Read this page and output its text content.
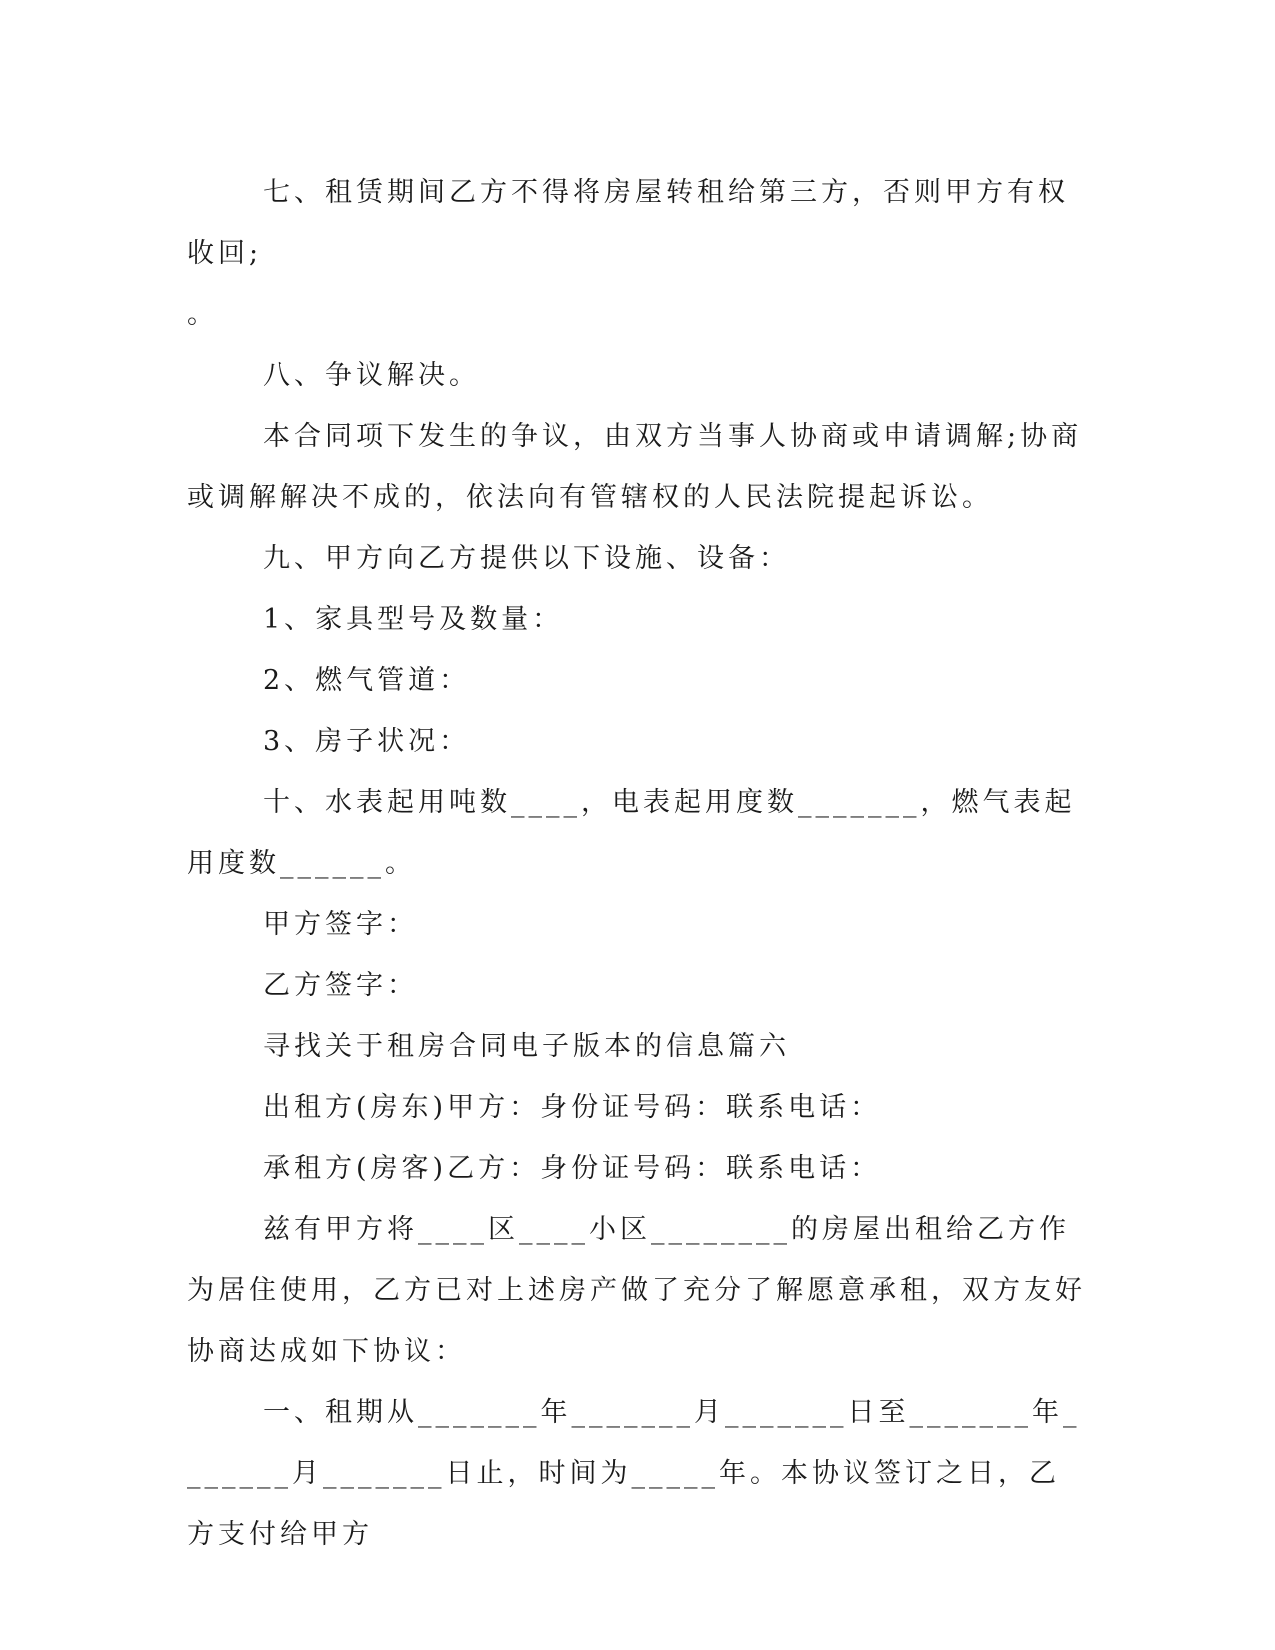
七、租赁期间乙方不得将房屋转租给第三方，否则甲方有权收回;

。

八、争议解决。

本合同项下发生的争议，由双方当事人协商或申请调解;协商或调解解决不成的，依法向有管辖权的人民法院提起诉讼。

九、甲方向乙方提供以下设施、设备：

1、家具型号及数量：

2、燃气管道：

3、房子状况：

十、水表起用吨数____，电表起用度数_______，燃气表起用度数______。

甲方签字：

乙方签字：

寻找关于租房合同电子版本的信息篇六

出租方(房东)甲方：身份证号码：联系电话：

承租方(房客)乙方：身份证号码：联系电话：

兹有甲方将____区____小区________的房屋出租给乙方作为居住使用，乙方已对上述房产做了充分了解愿意承租，双方友好协商达成如下协议：

一、租期从_______年_______月_______日至_______年_______月_______日止，时间为_____年。本协议签订之日，乙方支付给甲方
